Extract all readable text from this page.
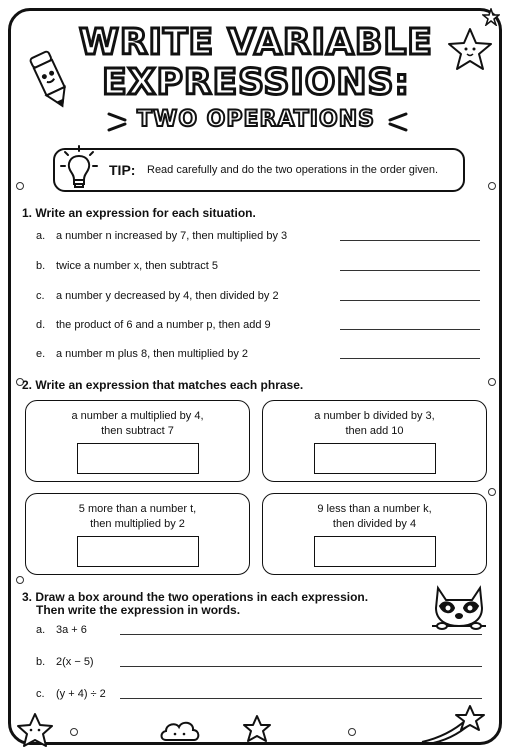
WRITE VARIABLE
EXPRESSIONS:
TWO OPERATIONS
TIP: Read carefully and do the two operations in the order given.
1. Write an expression for each situation.
a. a number n increased by 7, then multiplied by 3
b. twice a number x, then subtract 5
c. a number y decreased by 4, then divided by 2
d. the product of 6 and a number p, then add 9
e. a number m plus 8, then multiplied by 2
2. Write an expression that matches each phrase.
a number a multiplied by 4,
then subtract 7
a number b divided by 3,
then add 10
5 more than a number t,
then multiplied by 2
9 less than a number k,
then divided by 4
3. Draw a box around the two operations in each expression.
Then write the expression in words.
a. 3a + 6
b. 2(x − 5)
c. (y + 4) ÷ 2
